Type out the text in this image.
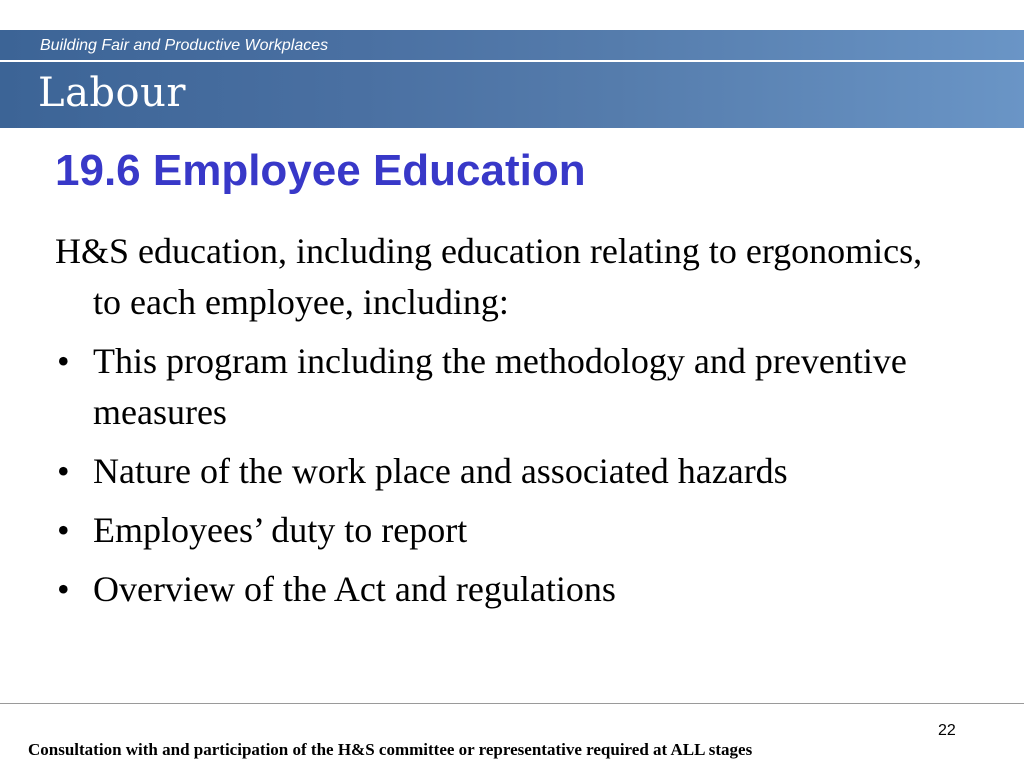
Building Fair and Productive Workplaces
Labour
19.6 Employee Education

H&S education, including education relating to ergonomics, to each employee, including:

• This program including the methodology and preventive measures
• Nature of the work place and associated hazards
• Employees’ duty to report
• Overview of the Act and regulations
22

Consultation with and participation of the H&S committee or representative required at ALL stages
